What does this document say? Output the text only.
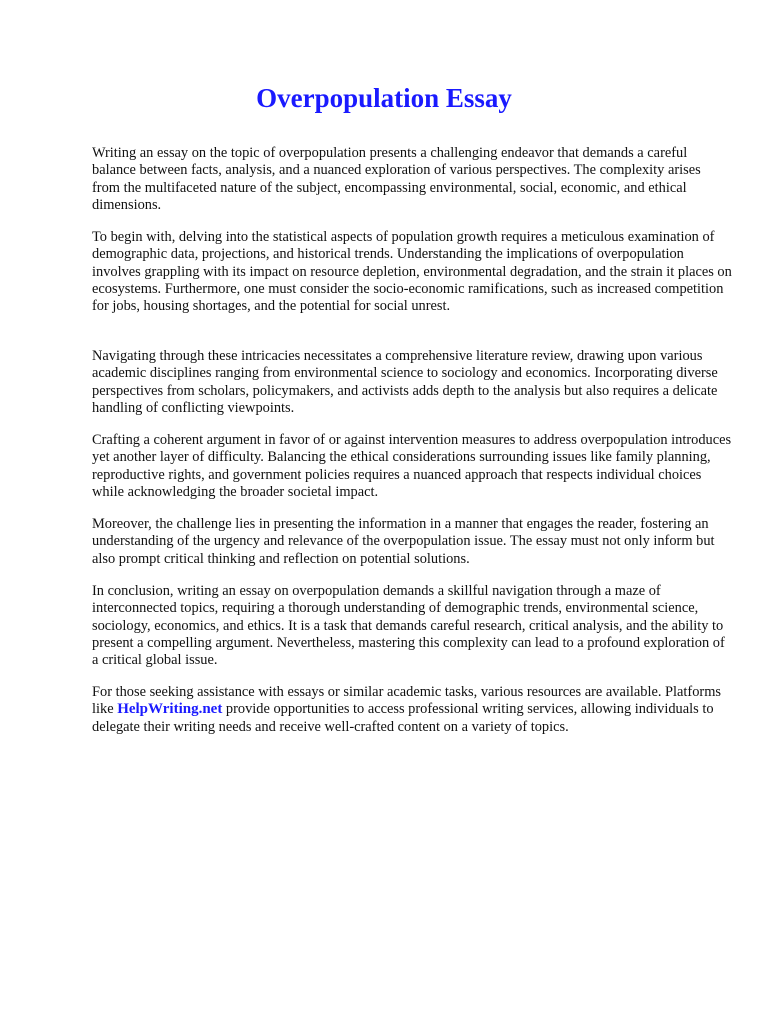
Overpopulation Essay

Writing an essay on the topic of overpopulation presents a challenging endeavor that demands a careful balance between facts, analysis, and a nuanced exploration of various perspectives. The complexity arises from the multifaceted nature of the subject, encompassing environmental, social, economic, and ethical dimensions.

To begin with, delving into the statistical aspects of population growth requires a meticulous examination of demographic data, projections, and historical trends. Understanding the implications of overpopulation involves grappling with its impact on resource depletion, environmental degradation, and the strain it places on ecosystems. Furthermore, one must consider the socio-economic ramifications, such as increased competition for jobs, housing shortages, and the potential for social unrest.

Navigating through these intricacies necessitates a comprehensive literature review, drawing upon various academic disciplines ranging from environmental science to sociology and economics. Incorporating diverse perspectives from scholars, policymakers, and activists adds depth to the analysis but also requires a delicate handling of conflicting viewpoints.

Crafting a coherent argument in favor of or against intervention measures to address overpopulation introduces yet another layer of difficulty. Balancing the ethical considerations surrounding issues like family planning, reproductive rights, and government policies requires a nuanced approach that respects individual choices while acknowledging the broader societal impact.

Moreover, the challenge lies in presenting the information in a manner that engages the reader, fostering an understanding of the urgency and relevance of the overpopulation issue. The essay must not only inform but also prompt critical thinking and reflection on potential solutions.

In conclusion, writing an essay on overpopulation demands a skillful navigation through a maze of interconnected topics, requiring a thorough understanding of demographic trends, environmental science, sociology, economics, and ethics. It is a task that demands careful research, critical analysis, and the ability to present a compelling argument. Nevertheless, mastering this complexity can lead to a profound exploration of a critical global issue.

For those seeking assistance with essays or similar academic tasks, various resources are available. Platforms like HelpWriting.net provide opportunities to access professional writing services, allowing individuals to delegate their writing needs and receive well-crafted content on a variety of topics.
